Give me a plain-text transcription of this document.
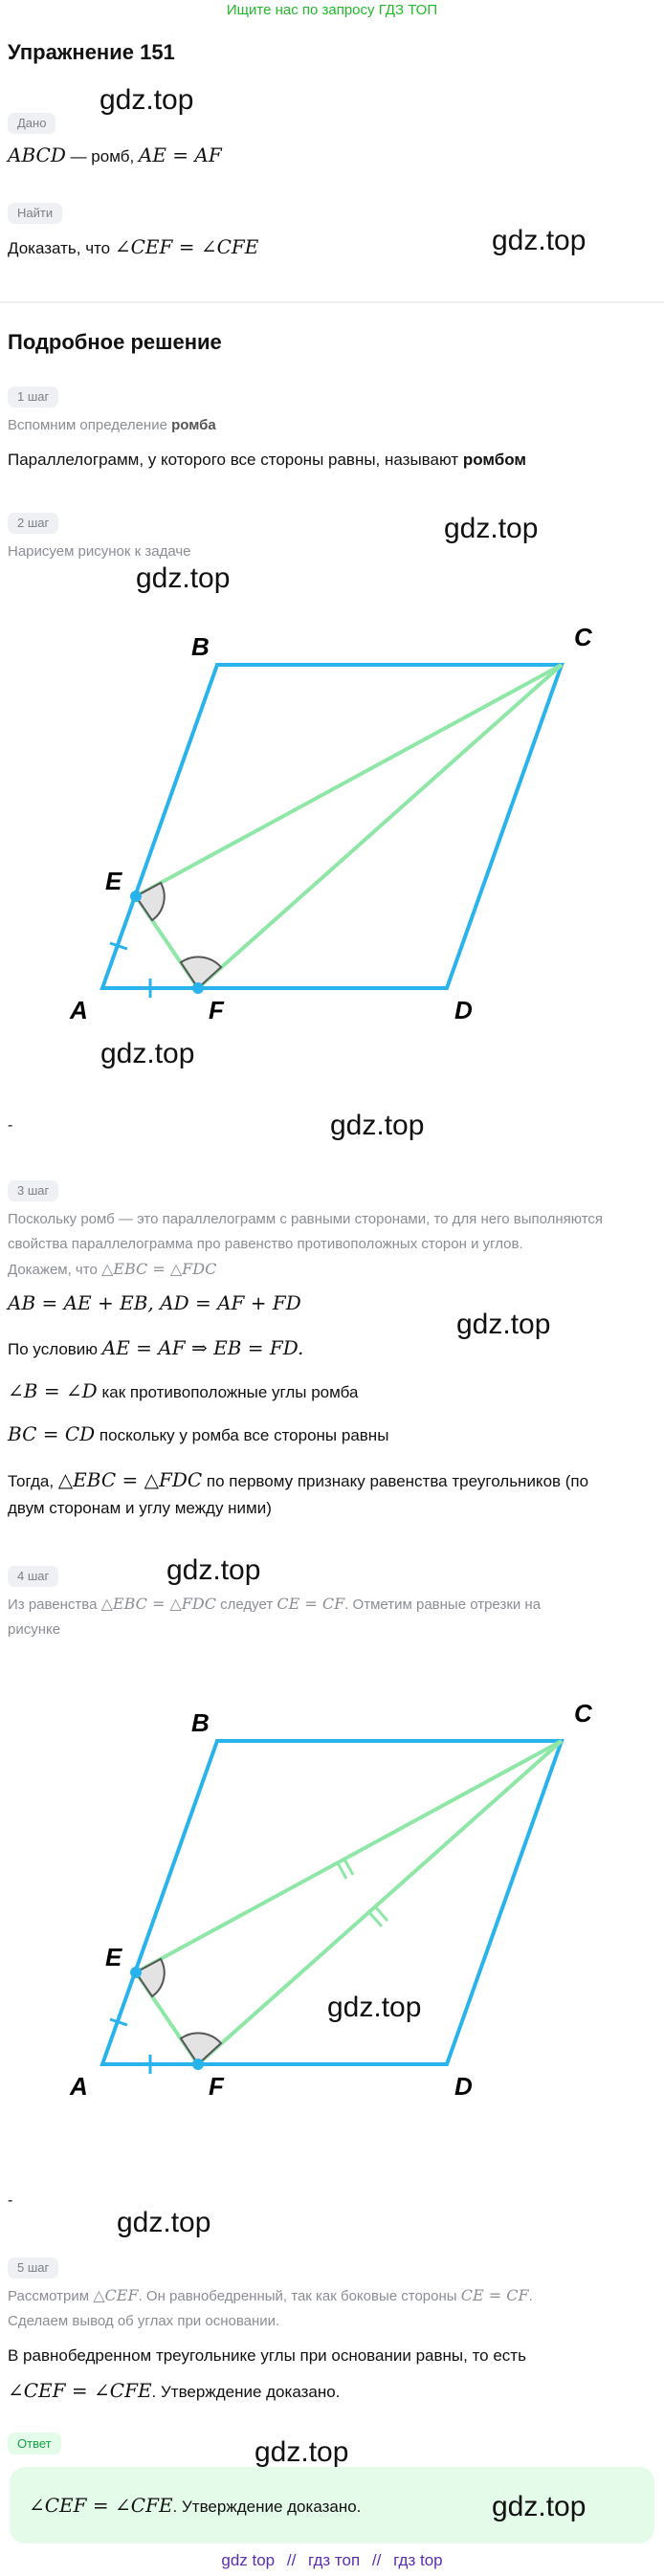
Ищите нас по запросу ГДЗ ТОП
Упражнение 151
Дано
ABCD — ромб, AE = AF
Найти
Доказать, что ∠CEF = ∠CFE
Подробное решение
1 шаг
Вспомним определение ромба
Параллелограмм, у которого все стороны равны, называют ромбом
2 шаг
Нарисуем рисунок к задаче
A
B	C
D
E
F
-
3 шаг
Поскольку ромб — это параллелограмм с равными сторонами, то для него выполняются
свойства параллелограмма про равенство противоположных сторон и углов.
Докажем, что △EBC = △FDC
AB = AE + EB, AD = AF + FD
По условию AE = AF ⇒ EB = FD.
∠B = ∠D как противоположные углы ромба
BC = CD поскольку у ромба все стороны равны
Тогда, △EBC = △FDC по первому признаку равенства треугольников (по
двум сторонам и углу между ними)
4 шаг
Из равенства △EBC = △FDC следует CE = CF. Отметим равные отрезки на
рисунке
A
B	C
D
E
F
-
5 шаг
Рассмотрим △CEF. Он равнобедренный, так как боковые стороны CE = CF.
Сделаем вывод об углах при основании.
В равнобедренном треугольнике углы при основании равны, то есть
∠CEF = ∠CFE. Утверждение доказано.
Ответ
∠CEF = ∠CFE. Утверждение доказано.
gdz.top
gdz.top
gdz.top
gdz.top
gdz.top
gdz.top
gdz.top
gdz.top
gdz.top
gdz.top
gdz.top
gdz.top
gdz top // гдз топ // гдз top
